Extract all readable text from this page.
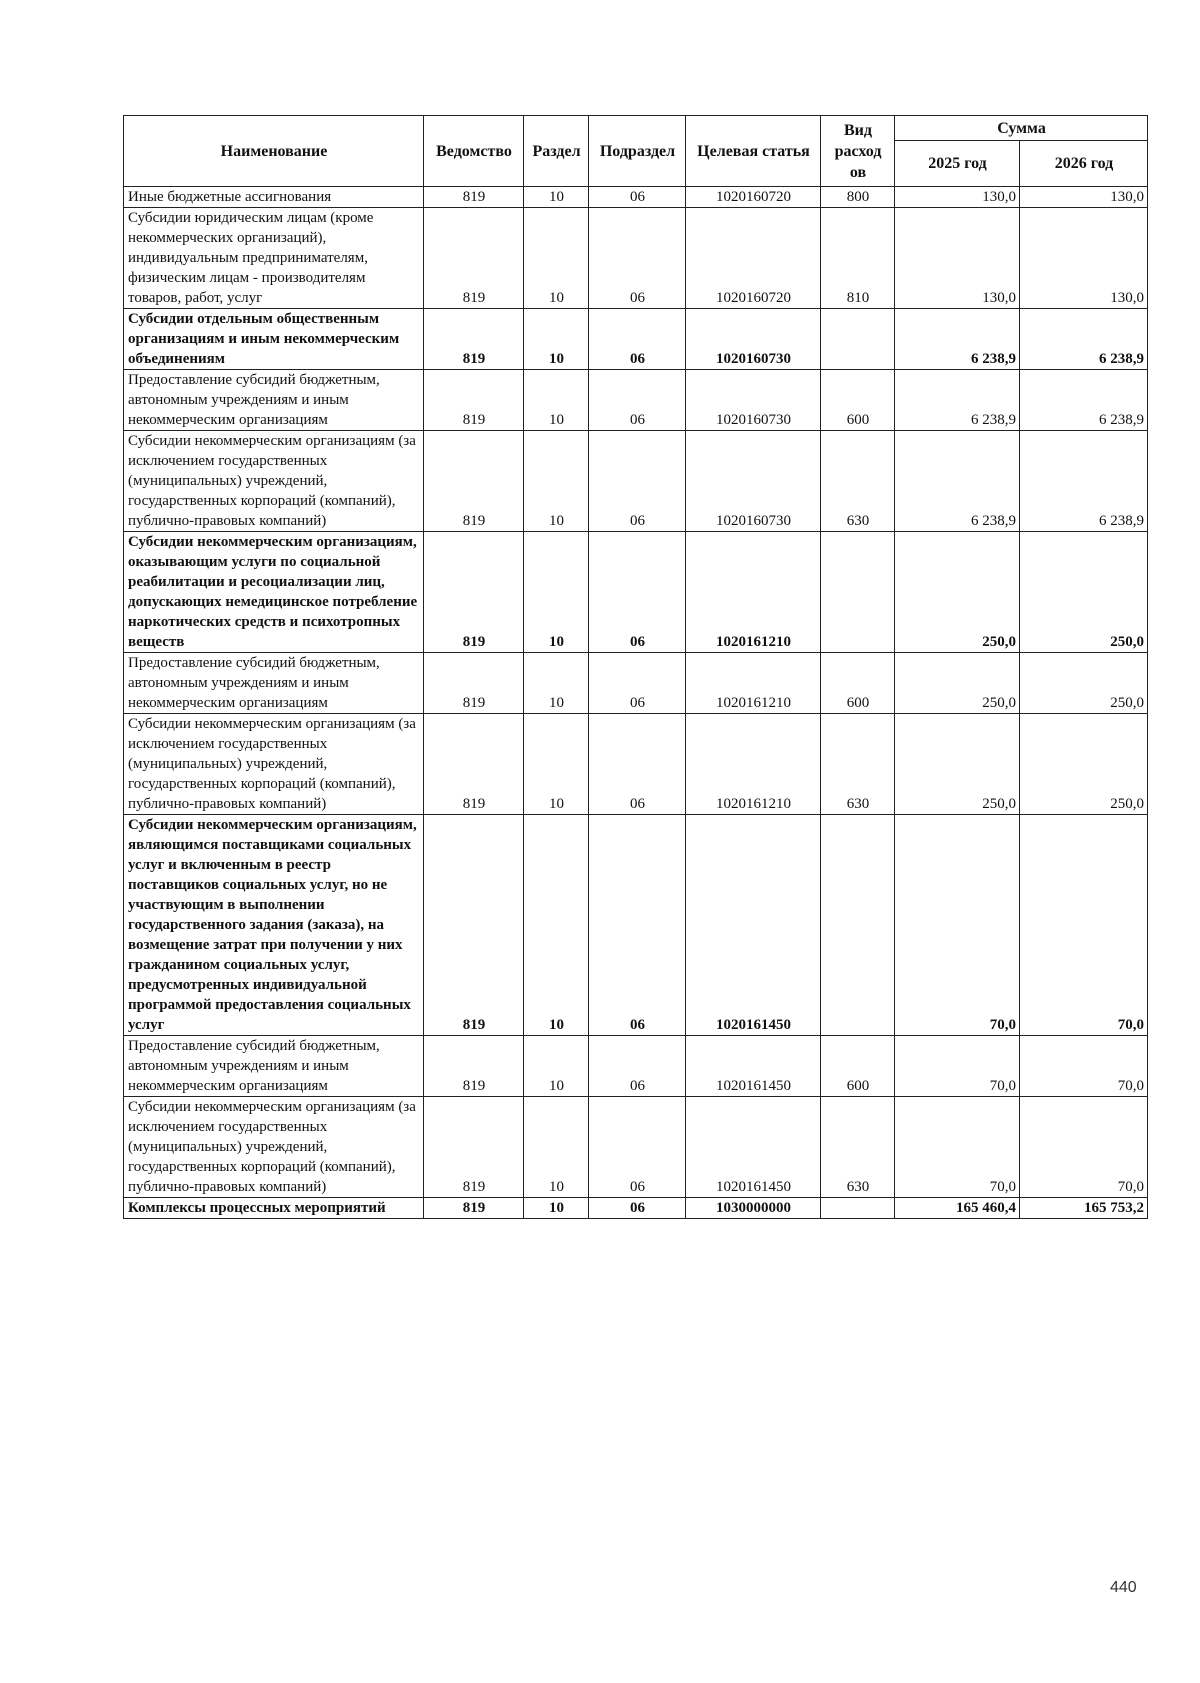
Наименование	Ведомство	Раздел	Подраздел	Целевая статья	Вид расход ов	Сумма	
						2025 год	2026 год
Иные бюджетные ассигнования	819	10	06	1020160720	800	130,0	130,0
Субсидии юридическим лицам (кроме некоммерческих организаций), индивидуальным предпринимателям, физическим лицам - производителям товаров, работ, услуг	819	10	06	1020160720	810	130,0	130,0
Субсидии отдельным общественным организациям и иным некоммерческим объединениям	819	10	06	1020160730		6 238,9	6 238,9
Предоставление субсидий бюджетным, автономным учреждениям и иным некоммерческим организациям	819	10	06	1020160730	600	6 238,9	6 238,9
Субсидии некоммерческим организациям (за исключением государственных (муниципальных) учреждений, государственных корпораций (компаний), публично-правовых компаний)	819	10	06	1020160730	630	6 238,9	6 238,9
Субсидии некоммерческим организациям, оказывающим услуги по социальной реабилитации и ресоциализации лиц, допускающих немедицинское потребление наркотических средств и психотропных веществ	819	10	06	1020161210		250,0	250,0
Предоставление субсидий бюджетным, автономным учреждениям и иным некоммерческим организациям	819	10	06	1020161210	600	250,0	250,0
Субсидии некоммерческим организациям (за исключением государственных (муниципальных) учреждений, государственных корпораций (компаний), публично-правовых компаний)	819	10	06	1020161210	630	250,0	250,0
Субсидии некоммерческим организациям, являющимся поставщиками социальных услуг и включенным в реестр поставщиков социальных услуг, но не участвующим в выполнении государственного задания (заказа), на возмещение затрат при получении у них гражданином социальных услуг, предусмотренных индивидуальной программой предоставления социальных услуг	819	10	06	1020161450		70,0	70,0
Предоставление субсидий бюджетным, автономным учреждениям и иным некоммерческим организациям	819	10	06	1020161450	600	70,0	70,0
Субсидии некоммерческим организациям (за исключением государственных (муниципальных) учреждений, государственных корпораций (компаний), публично-правовых компаний)	819	10	06	1020161450	630	70,0	70,0
Комплексы процессных мероприятий	819	10	06	1030000000		165 460,4	165 753,2
440
